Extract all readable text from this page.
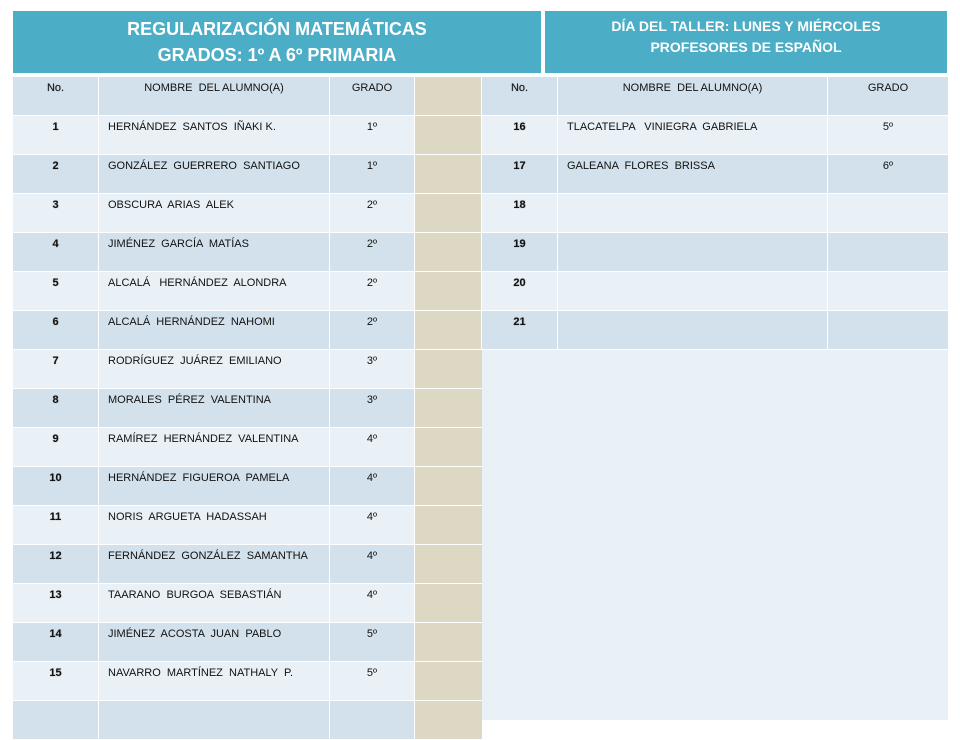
REGULARIZACIÓN MATEMÁTICAS
GRADOS: 1º A 6º PRIMARIA
DÍA DEL TALLER: LUNES Y MIÉRCOLES
PROFESORES DE ESPAÑOL
No.	NOMBRE  DEL ALUMNO(A)	GRADO	

1	HERNÁNDEZ  SANTOS  IÑAKI K.	1º	

2	GONZÁLEZ  GUERRERO  SANTIAGO	1º	

3	OBSCURA  ARIAS  ALEK	2º	

4	JIMÉNEZ  GARCÍA  MATÍAS	2º	

5	ALCALÁ   HERNÁNDEZ  ALONDRA	2º	

6	ALCALÁ  HERNÁNDEZ  NAHOMI	2º	

7	RODRÍGUEZ  JUÁREZ  EMILIANO	3º	

8	MORALES  PÉREZ  VALENTINA	3º	

9	RAMÍREZ  HERNÁNDEZ  VALENTINA	4º	

10	HERNÁNDEZ  FIGUEROA  PAMELA	4º	

11	NORIS  ARGUETA  HADASSAH	4º	

12	FERNÁNDEZ  GONZÁLEZ  SAMANTHA	4º	

13	TAARANO  BURGOA  SEBASTIÁN	4º	

14	JIMÉNEZ  ACOSTA  JUAN  PABLO	5º	

15	NAVARRO  MARTÍNEZ  NATHALY  P.	5º	

No.	NOMBRE  DEL ALUMNO(A)	GRADO

16	TLACATELPA   VINIEGRA  GABRIELA	5º

17	GALEANA  FLORES  BRISSA	6º

18		

19		

20		

21		
